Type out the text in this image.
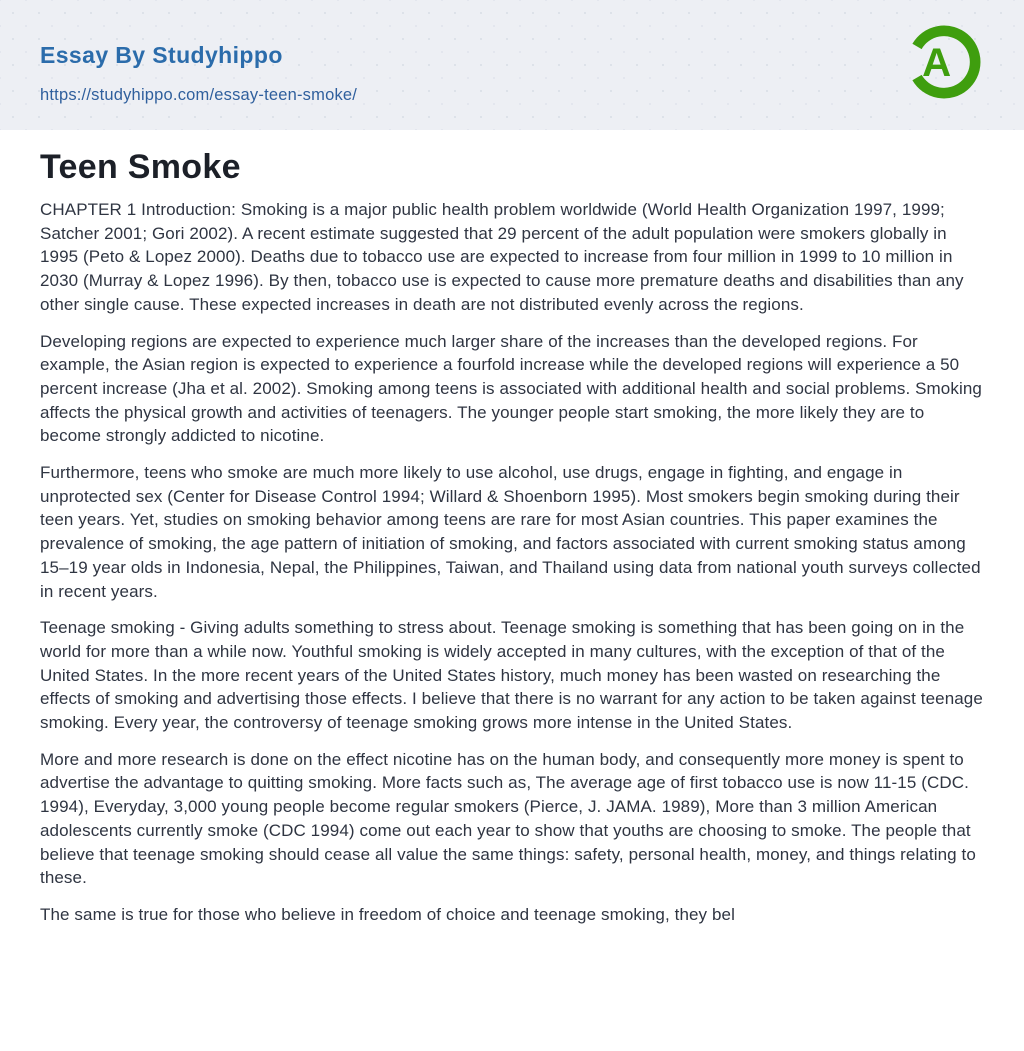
Essay By Studyhippo
https://studyhippo.com/essay-teen-smoke/
A
Teen Smoke

CHAPTER 1 Introduction: Smoking is a major public health problem worldwide (World Health Organization 1997, 1999; Satcher 2001; Gori 2002). A recent estimate suggested that 29 percent of the adult population were smokers globally in 1995 (Peto & Lopez 2000). Deaths due to tobacco use are expected to increase from four million in 1999 to 10 million in 2030 (Murray & Lopez 1996). By then, tobacco use is expected to cause more premature deaths and disabilities than any other single cause. These expected increases in death are not distributed evenly across the regions.

Developing regions are expected to experience much larger share of the increases than the developed regions. For example, the Asian region is expected to experience a fourfold increase while the developed regions will experience a 50 percent increase (Jha et al. 2002). Smoking among teens is associated with additional health and social problems. Smoking affects the physical growth and activities of teenagers. The younger people start smoking, the more likely they are to become strongly addicted to nicotine.

Furthermore, teens who smoke are much more likely to use alcohol, use drugs, engage in fighting, and engage in unprotected sex (Center for Disease Control 1994; Willard & Shoenborn 1995). Most smokers begin smoking during their teen years. Yet, studies on smoking behavior among teens are rare for most Asian countries. This paper examines the prevalence of smoking, the age pattern of initiation of smoking, and factors associated with current smoking status among 15–19 year olds in Indonesia, Nepal, the Philippines, Taiwan, and Thailand using data from national youth surveys collected in recent years.

Teenage smoking - Giving adults something to stress about. Teenage smoking is something that has been going on in the world for more than a while now. Youthful smoking is widely accepted in many cultures, with the exception of that of the United States. In the more recent years of the United States history, much money has been wasted on researching the effects of smoking and advertising those effects. I believe that there is no warrant for any action to be taken against teenage smoking. Every year, the controversy of teenage smoking grows more intense in the United States.

More and more research is done on the effect nicotine has on the human body, and consequently more money is spent to advertise the advantage to quitting smoking. More facts such as, The average age of first tobacco use is now 11-15 (CDC. 1994), Everyday, 3,000 young people become regular smokers (Pierce, J. JAMA. 1989), More than 3 million American adolescents currently smoke (CDC 1994) come out each year to show that youths are choosing to smoke. The people that believe that teenage smoking should cease all value the same things: safety, personal health, money, and things relating to these.

The same is true for those who believe in freedom of choice and teenage smoking, they bel
